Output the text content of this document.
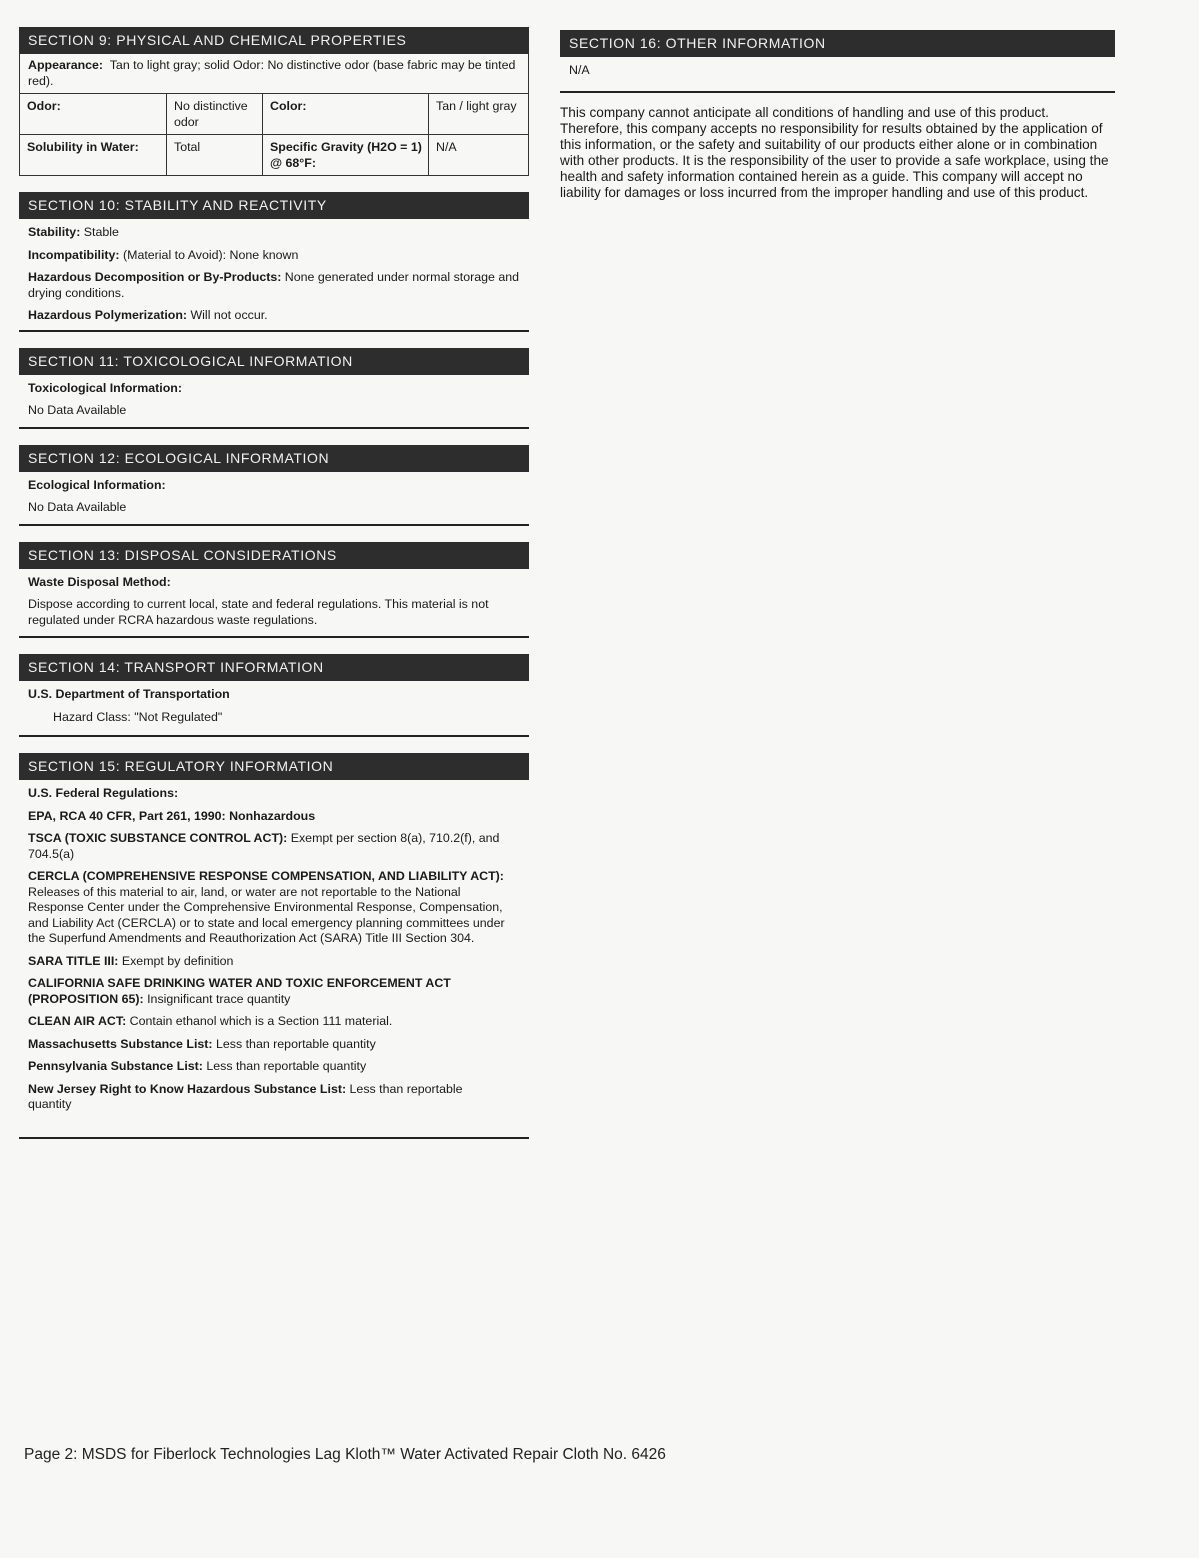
SECTION 9: PHYSICAL AND CHEMICAL PROPERTIES
Appearance: Tan to light gray; solid Odor: No distinctive odor (base fabric may be tinted red).
Odor:	No distinctive odor	Color:	Tan / light gray
Solubility in Water:	Total	Specific Gravity (H2O = 1) @ 68°F:	N/A
SECTION 10: STABILITY AND REACTIVITY

Stability: Stable

Incompatibility: (Material to Avoid): None known

Hazardous Decomposition or By-Products: None generated under normal storage and drying conditions.

Hazardous Polymerization: Will not occur.

SECTION 11: TOXICOLOGICAL INFORMATION

Toxicological Information:

No Data Available

SECTION 12: ECOLOGICAL INFORMATION

Ecological Information:

No Data Available

SECTION 13: DISPOSAL CONSIDERATIONS

Waste Disposal Method:

Dispose according to current local, state and federal regulations. This material is not regulated under RCRA hazardous waste regulations.

SECTION 14: TRANSPORT INFORMATION

U.S. Department of Transportation

Hazard Class: "Not Regulated"

SECTION 15: REGULATORY INFORMATION

U.S. Federal Regulations:

EPA, RCA 40 CFR, Part 261, 1990: Nonhazardous

TSCA (TOXIC SUBSTANCE CONTROL ACT): Exempt per section 8(a), 710.2(f), and 704.5(a)

CERCLA (COMPREHENSIVE RESPONSE COMPENSATION, AND LIABILITY ACT): Releases of this material to air, land, or water are not reportable to the National Response Center under the Comprehensive Environmental Response, Compensation, and Liability Act (CERCLA) or to state and local emergency planning committees under the Superfund Amendments and Reauthorization Act (SARA) Title III Section 304.

SARA TITLE III: Exempt by definition

CALIFORNIA SAFE DRINKING WATER AND TOXIC ENFORCEMENT ACT (PROPOSITION 65): Insignificant trace quantity

CLEAN AIR ACT: Contain ethanol which is a Section 111 material.

Massachusetts Substance List: Less than reportable quantity

Pennsylvania Substance List: Less than reportable quantity

New Jersey Right to Know Hazardous Substance List: Less than reportable quantity

SECTION 16: OTHER INFORMATION
N/A
This company cannot anticipate all conditions of handling and use of this product. Therefore, this company accepts no responsibility for results obtained by the application of this information, or the safety and suitability of our products either alone or in combination with other products. It is the responsibility of the user to provide a safe workplace, using the health and safety information contained herein as a guide. This company will accept no liability for damages or loss incurred from the improper handling and use of this product.
Page 2: MSDS for Fiberlock Technologies Lag Kloth™ Water Activated Repair Cloth No. 6426
